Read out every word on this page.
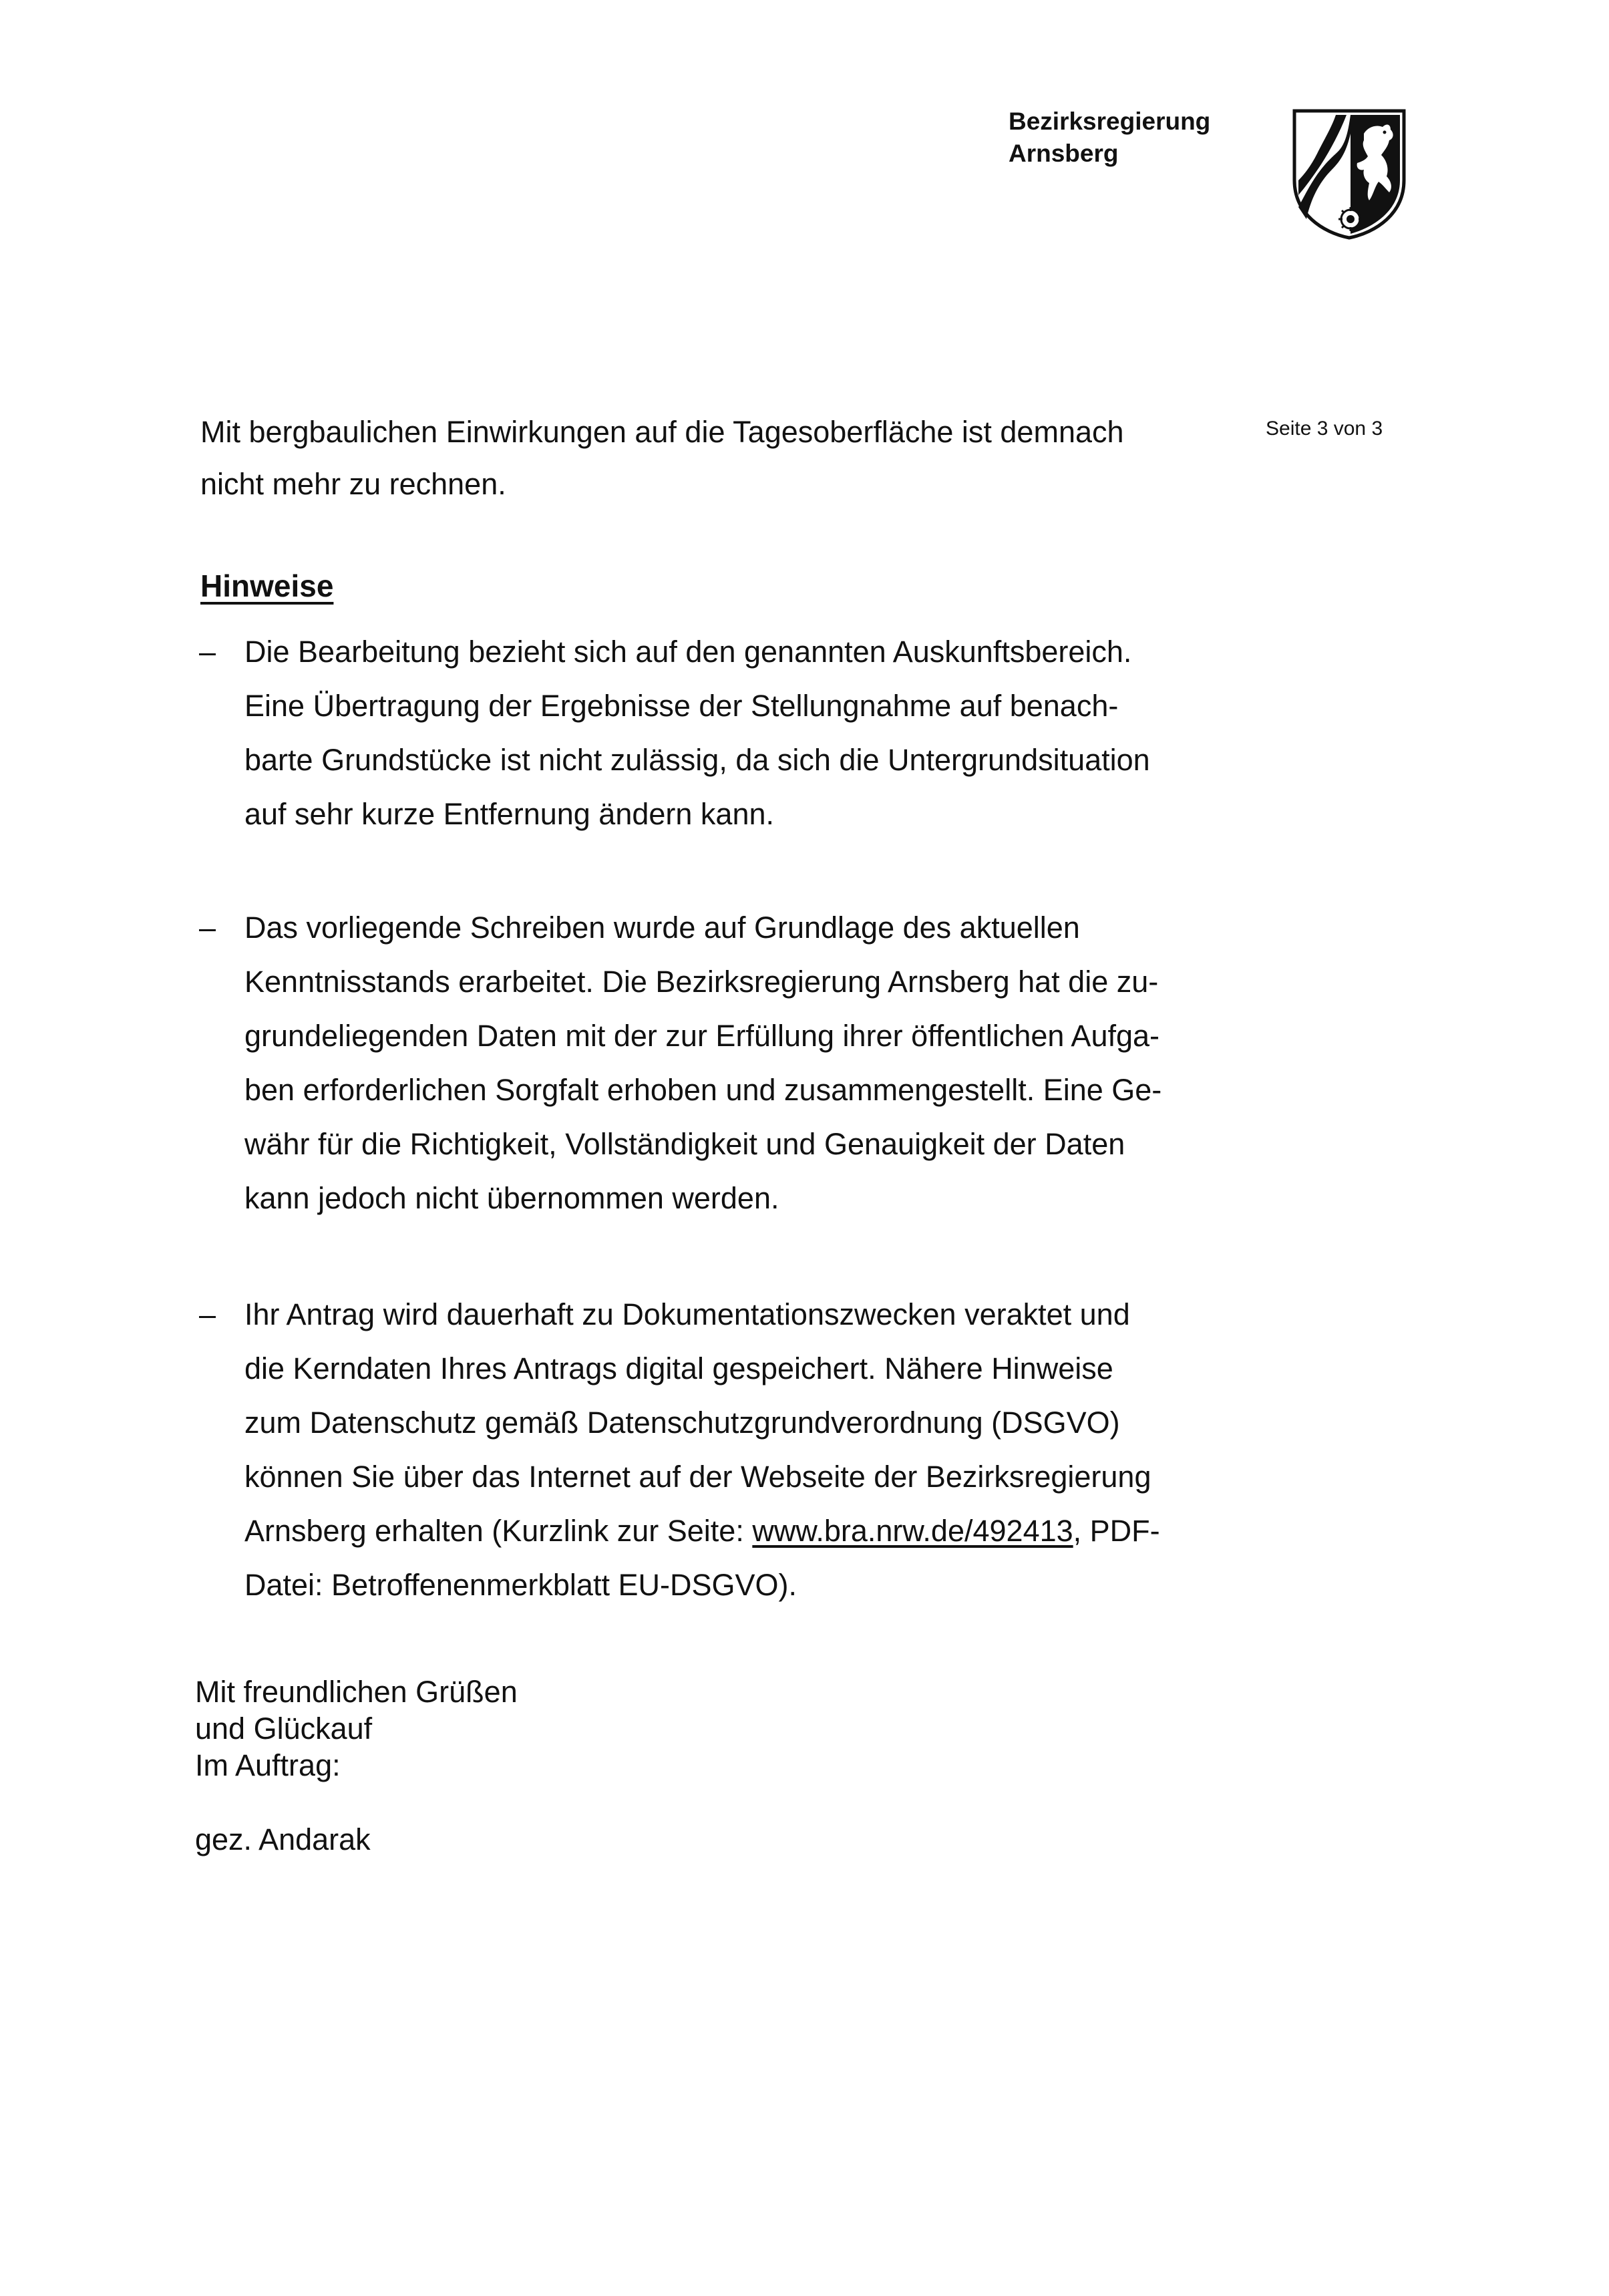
Bezirksregierung
Arnsberg
Seite 3 von 3
Mit bergbaulichen Einwirkungen auf die Tagesoberfläche ist demnach
nicht mehr zu rechnen.
Hinweise
– Die Bearbeitung bezieht sich auf den genannten Auskunftsbereich.
Eine Übertragung der Ergebnisse der Stellungnahme auf benach-
barte Grundstücke ist nicht zulässig, da sich die Untergrundsituation
auf sehr kurze Entfernung ändern kann.
– Das vorliegende Schreiben wurde auf Grundlage des aktuellen
Kenntnisstands erarbeitet. Die Bezirksregierung Arnsberg hat die zu-
grundeliegenden Daten mit der zur Erfüllung ihrer öffentlichen Aufga-
ben erforderlichen Sorgfalt erhoben und zusammengestellt. Eine Ge-
währ für die Richtigkeit, Vollständigkeit und Genauigkeit der Daten
kann jedoch nicht übernommen werden.
– Ihr Antrag wird dauerhaft zu Dokumentationszwecken veraktet und
die Kerndaten Ihres Antrags digital gespeichert. Nähere Hinweise
zum Datenschutz gemäß Datenschutzgrundverordnung (DSGVO)
können Sie über das Internet auf der Webseite der Bezirksregierung
Arnsberg erhalten (Kurzlink zur Seite: www.bra.nrw.de/492413, PDF-
Datei: Betroffenenmerkblatt EU-DSGVO).
Mit freundlichen Grüßen
und Glückauf
Im Auftrag:
gez. Andarak
